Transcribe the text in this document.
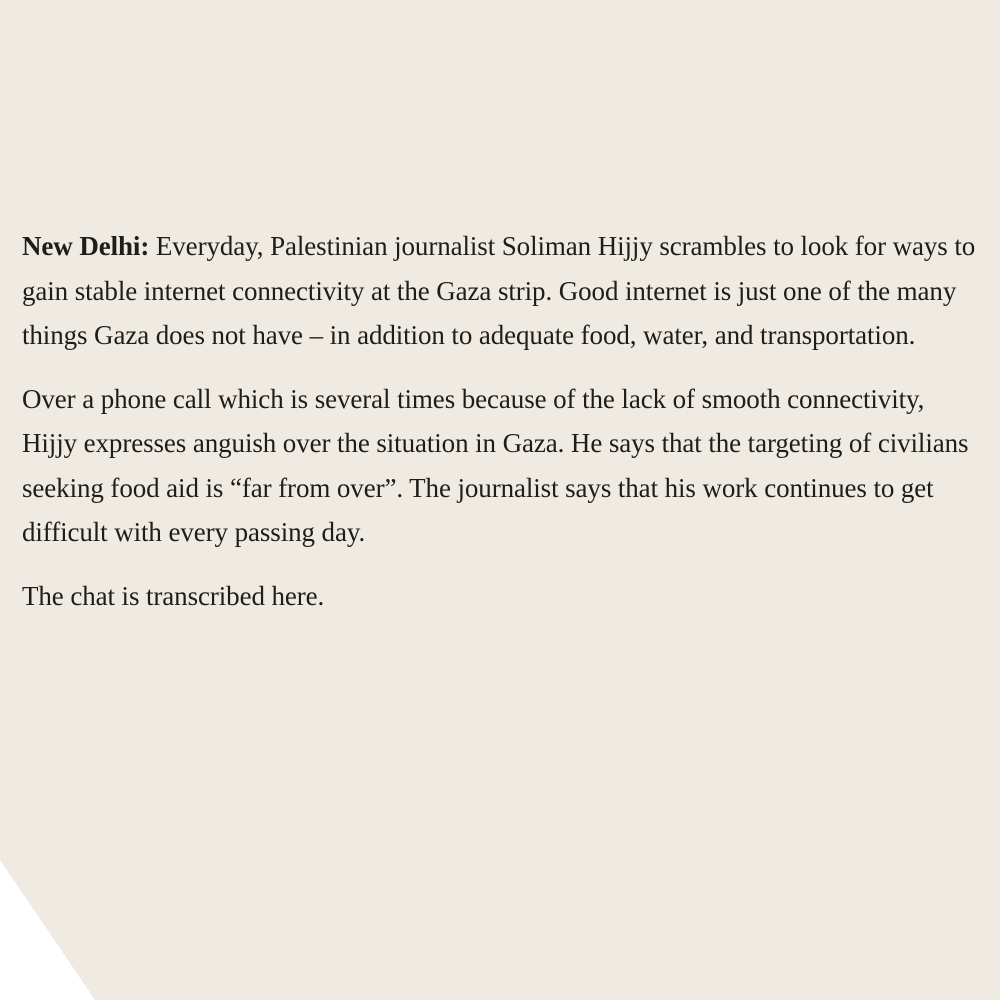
New Delhi: Everyday, Palestinian journalist Soliman Hijjy scrambles to look for ways to gain stable internet connectivity at the Gaza strip. Good internet is just one of the many things Gaza does not have – in addition to adequate food, water, and transportation.

Over a phone call which is several times because of the lack of smooth connectivity, Hijjy expresses anguish over the situation in Gaza. He says that the targeting of civilians seeking food aid is “far from over”. The journalist says that his work continues to get difficult with every passing day.

The chat is transcribed here.
